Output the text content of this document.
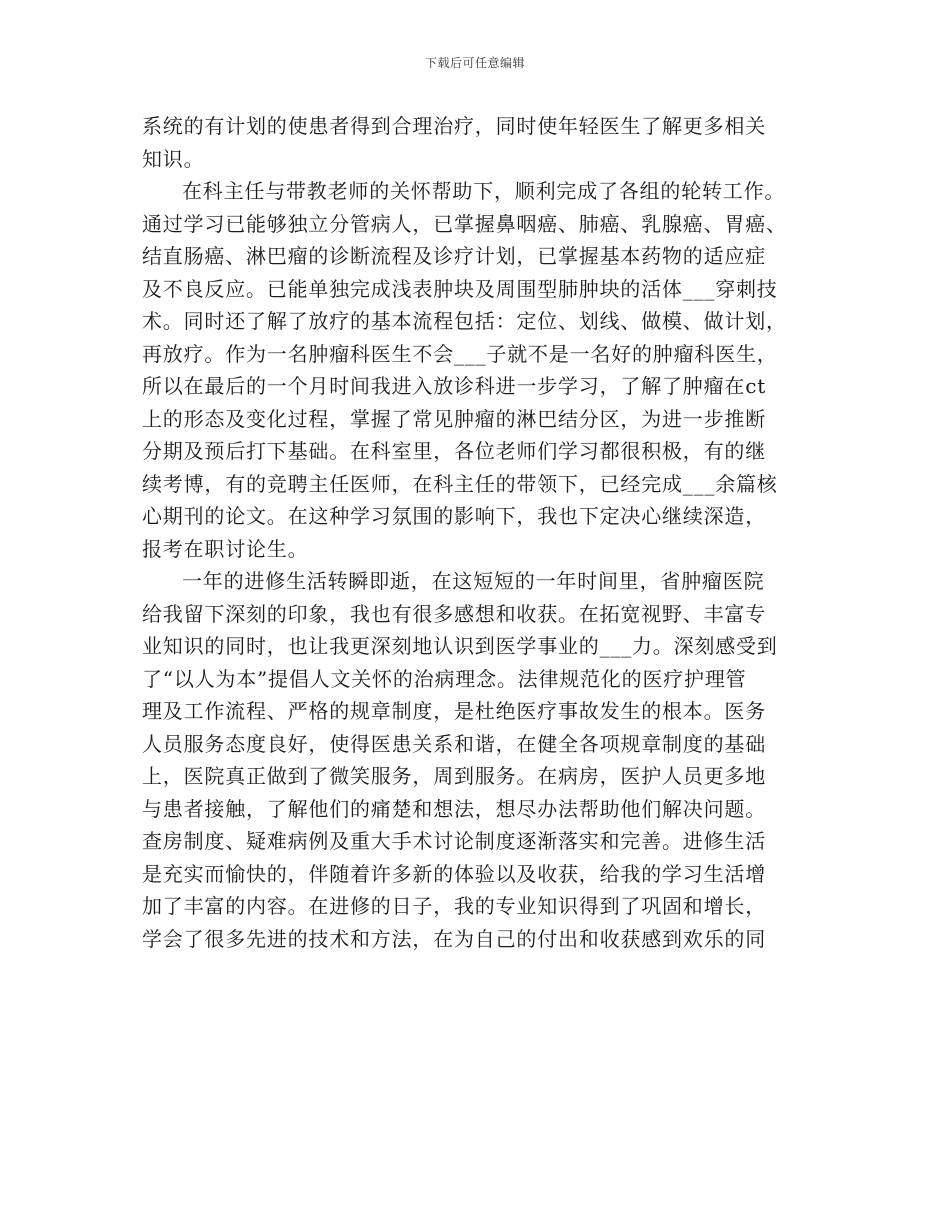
下载后可任意编辑
系统的有计划的使患者得到合理治疗，同时使年轻医生了解更多相关
知识。
在科主任与带教老师的关怀帮助下，顺利完成了各组的轮转工作。
通过学习已能够独立分管病人，已掌握鼻咽癌、肺癌、乳腺癌、胃癌、
结直肠癌、淋巴瘤的诊断流程及诊疗计划，已掌握基本药物的适应症
及不良反应。已能单独完成浅表肿块及周围型肺肿块的活体___穿刺技
术。同时还了解了放疗的基本流程包括：定位、划线、做模、做计划，
再放疗。作为一名肿瘤科医生不会___子就不是一名好的肿瘤科医生，
所以在最后的一个月时间我进入放诊科进一步学习，了解了肿瘤在ct
上的形态及变化过程，掌握了常见肿瘤的淋巴结分区，为进一步推断
分期及预后打下基础。在科室里，各位老师们学习都很积极，有的继
续考博，有的竞聘主任医师，在科主任的带领下，已经完成___余篇核
心期刊的论文。在这种学习氛围的影响下，我也下定决心继续深造，
报考在职讨论生。
一年的进修生活转瞬即逝，在这短短的一年时间里，省肿瘤医院
给我留下深刻的印象，我也有很多感想和收获。在拓宽视野、丰富专
业知识的同时，也让我更深刻地认识到医学事业的___力。深刻感受到
了“以人为本”提倡人文关怀的治病理念。法律规范化的医疗护理管
理及工作流程、严格的规章制度，是杜绝医疗事故发生的根本。医务
人员服务态度良好，使得医患关系和谐，在健全各项规章制度的基础
上，医院真正做到了微笑服务，周到服务。在病房，医护人员更多地
与患者接触，了解他们的痛楚和想法，想尽办法帮助他们解决问题。
查房制度、疑难病例及重大手术讨论制度逐渐落实和完善。进修生活
是充实而愉快的，伴随着许多新的体验以及收获，给我的学习生活增
加了丰富的内容。在进修的日子，我的专业知识得到了巩固和增长，
学会了很多先进的技术和方法，在为自己的付出和收获感到欢乐的同
